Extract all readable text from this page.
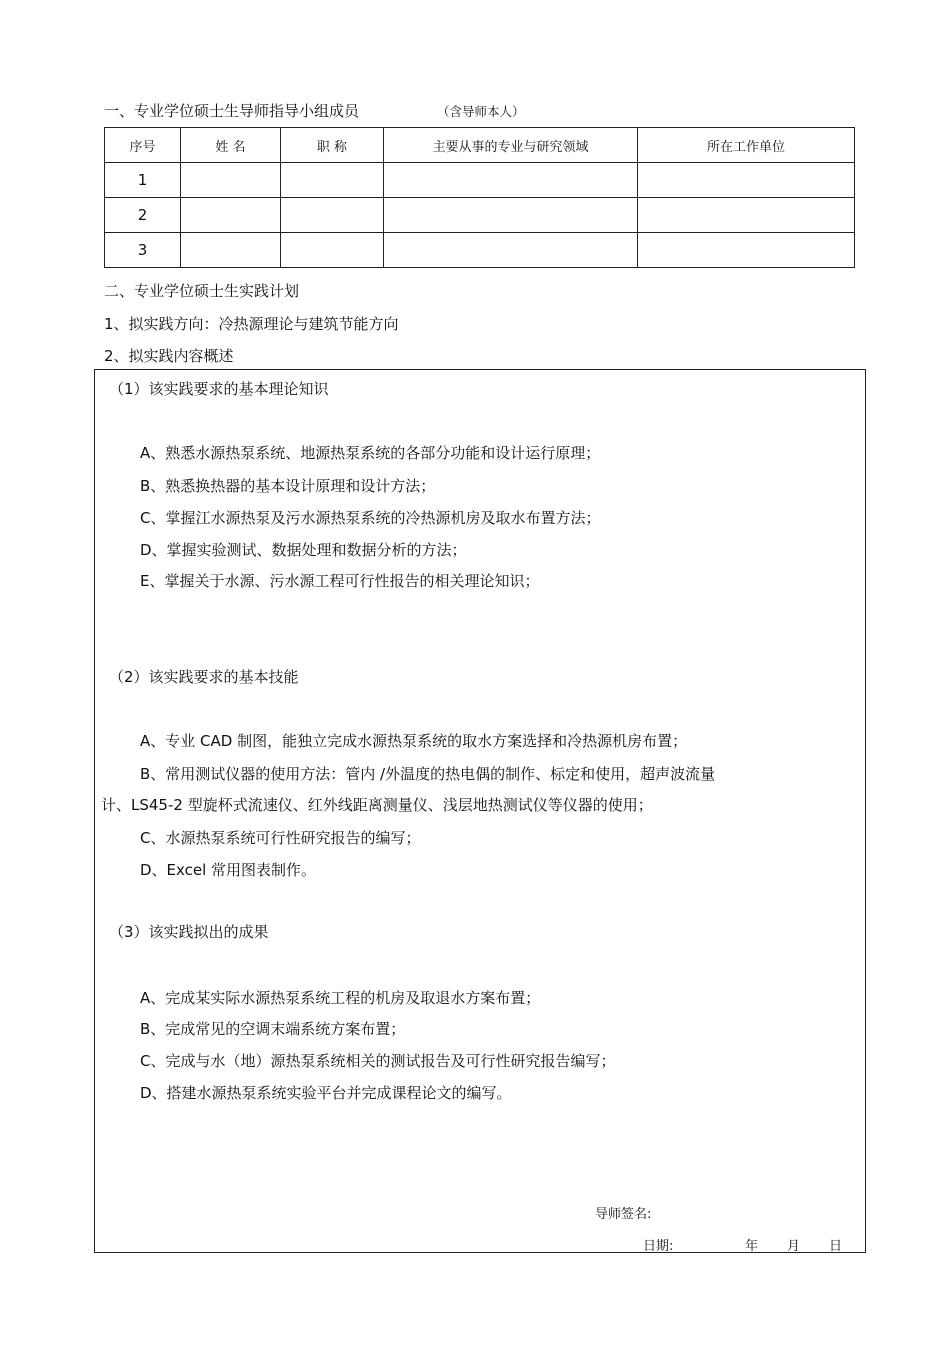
一、专业学位硕士生导师指导小组成员	（含导师本人）
序号	姓 名	职 称	主要从事的专业与研究领域	所在工作单位
1				
2				
3				
二、专业学位硕士生实践计划
1、拟实践方向：冷热源理论与建筑节能方向
2、拟实践内容概述
（1）该实践要求的基本理论知识
A、熟悉水源热泵系统、地源热泵系统的各部分功能和设计运行原理；
B、熟悉换热器的基本设计原理和设计方法；
C、掌握江水源热泵及污水源热泵系统的冷热源机房及取水布置方法；
D、掌握实验测试、数据处理和数据分析的方法；
E、掌握关于水源、污水源工程可行性报告的相关理论知识；
（2）该实践要求的基本技能
A、专业 CAD 制图，能独立完成水源热泵系统的取水方案选择和冷热源机房布置；
B、常用测试仪器的使用方法：管内 /外温度的热电偶的制作、标定和使用，超声波流量
计、LS45-2 型旋杯式流速仪、红外线距离测量仪、浅层地热测试仪等仪器的使用；
C、水源热泵系统可行性研究报告的编写；
D、Excel 常用图表制作。
（3）该实践拟出的成果
A、完成某实际水源热泵系统工程的机房及取退水方案布置；
B、完成常见的空调末端系统方案布置；
C、完成与水（地）源热泵系统相关的测试报告及可行性研究报告编写；
D、搭建水源热泵系统实验平台并完成课程论文的编写。
导师签名:
日期:	年 月 日
